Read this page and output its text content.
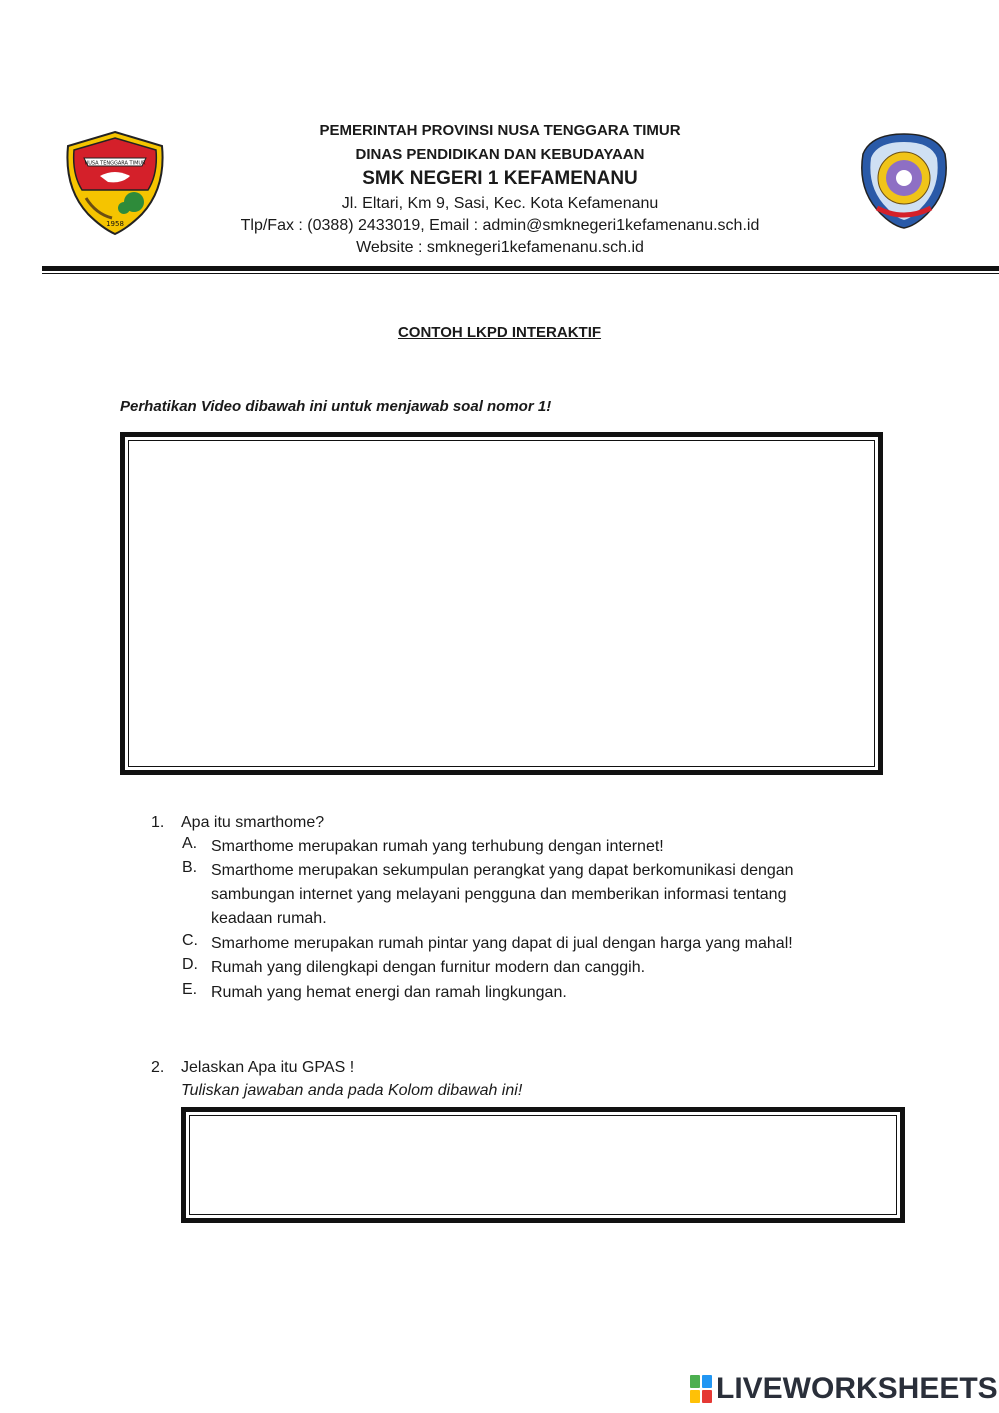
NUSA TENGGARA TIMUR
1958
PEMERINTAH PROVINSI NUSA TENGGARA TIMUR
DINAS PENDIDIKAN DAN KEBUDAYAAN
SMK NEGERI 1 KEFAMENANU
Jl. Eltari, Km 9, Sasi, Kec. Kota Kefamenanu
Tlp/Fax : (0388) 2433019, Email : admin@smknegeri1kefamenanu.sch.id
Website : smknegeri1kefamenanu.sch.id
CONTOH LKPD INTERAKTIF
Perhatikan Video dibawah ini untuk menjawab soal nomor 1!
1. Apa itu smarthome?
A. Smarthome merupakan rumah yang terhubung dengan internet!
B. Smarthome merupakan sekumpulan perangkat yang dapat berkomunikasi dengan sambungan internet yang melayani pengguna dan memberikan informasi tentang keadaan rumah.
C. Smarhome merupakan rumah pintar yang dapat di jual dengan harga yang mahal!
D. Rumah yang dilengkapi dengan furnitur modern dan canggih.
E. Rumah yang hemat energi dan ramah lingkungan.
2. Jelaskan Apa itu GPAS !
Tuliskan jawaban anda pada Kolom dibawah ini!
LIVEWORKSHEETS
